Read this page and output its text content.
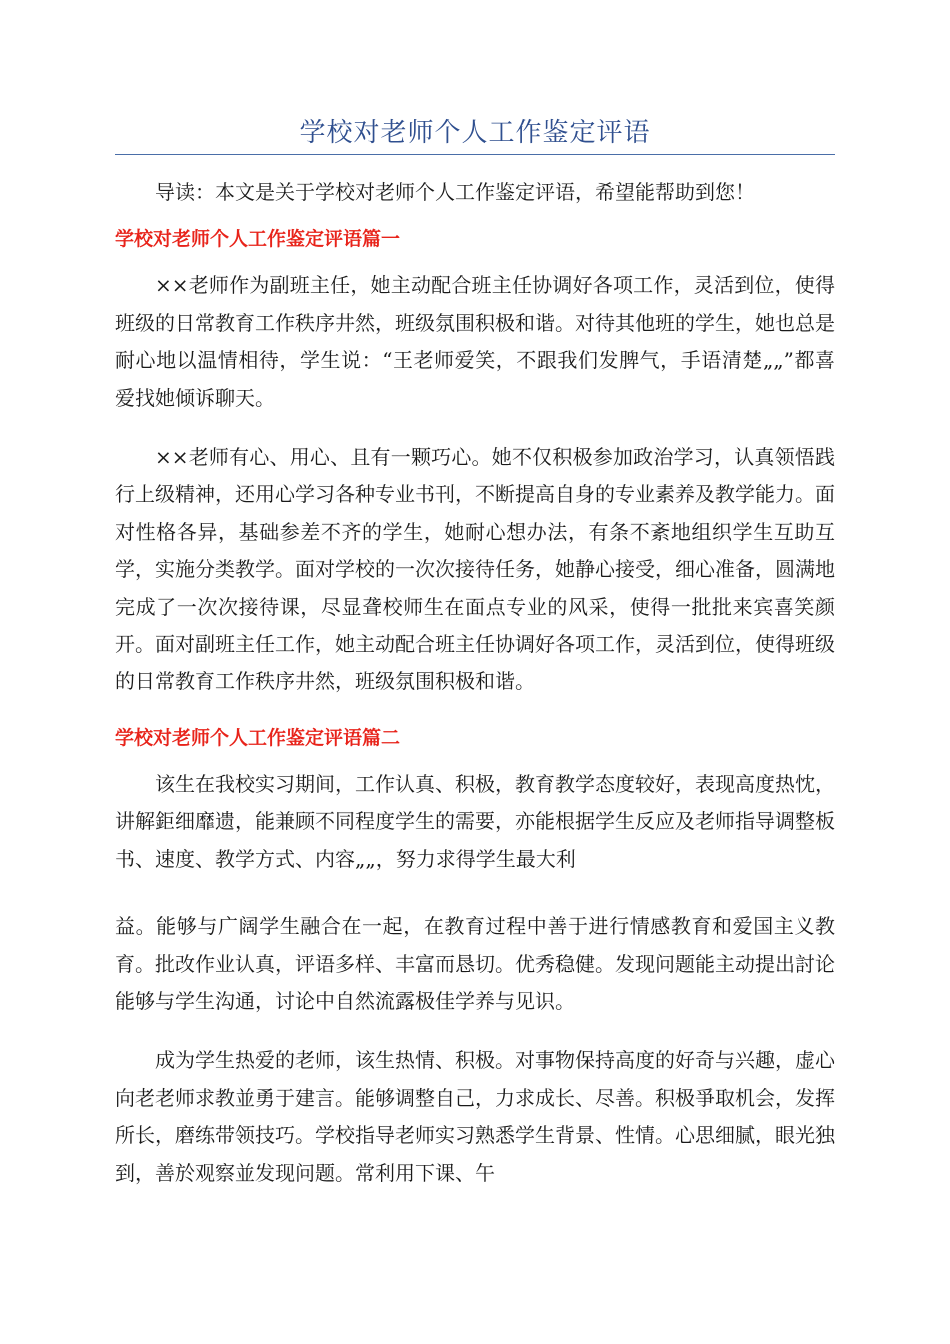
学校对老师个人工作鉴定评语

导读：本文是关于学校对老师个人工作鉴定评语，希望能帮助到您！

学校对老师个人工作鉴定评语篇一

××老师作为副班主任，她主动配合班主任协调好各项工作，灵活到位，使得班级的日常教育工作秩序井然，班级氛围积极和谐。对待其他班的学生，她也总是耐心地以温情相待，学生说：“王老师爱笑，不跟我们发脾气，手语清楚„„”都喜爱找她倾诉聊天。

××老师有心、用心、且有一颗巧心。她不仅积极参加政治学习，认真领悟践行上级精神，还用心学习各种专业书刊，不断提高自身的专业素养及教学能力。面对性格各异，基础参差不齐的学生，她耐心想办法，有条不紊地组织学生互助互学，实施分类教学。面对学校的一次次接待任务，她静心接受，细心准备，圆满地完成了一次次接待课，尽显聋校师生在面点专业的风采，使得一批批来宾喜笑颜开。面对副班主任工作，她主动配合班主任协调好各项工作，灵活到位，使得班级的日常教育工作秩序井然，班级氛围积极和谐。

学校对老师个人工作鉴定评语篇二

该生在我校实习期间，工作认真、积极，教育教学态度较好，表现高度热忱，讲解鉅细靡遗，能兼顾不同程度学生的需要，亦能根据学生反应及老师指导调整板书、速度、教学方式、内容„„，努力求得学生最大利

益。能够与广阔学生融合在一起，在教育过程中善于进行情感教育和爱国主义教育。批改作业认真，评语多样、丰富而恳切。优秀稳健。发现问题能主动提出討论能够与学生沟通，讨论中自然流露极佳学养与见识。

成为学生热爱的老师，该生热情、积极。对事物保持高度的好奇与兴趣，虚心向老老师求教並勇于建言。能够调整自己，力求成长、尽善。积极爭取机会，发挥所长，磨练带领技巧。学校指导老师实习熟悉学生背景、性情。心思细腻，眼光独到，善於观察並发现问题。常利用下课、午
